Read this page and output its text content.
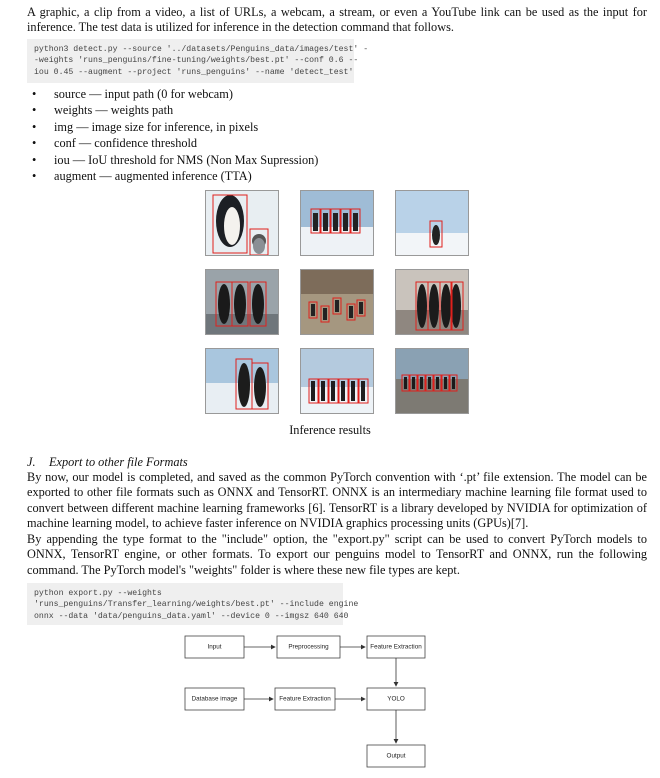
A graphic, a clip from a video, a list of URLs, a webcam, a stream, or even a YouTube link can be used as the input for inference. The test data is utilized for inference in the detection command that follows.
python3 detect.py --source '../datasets/Penguins_data/images/test' -
-weights 'runs_penguins/fine-tuning/weights/best.pt' --conf 0.6 --
iou 0.45 --augment --project 'runs_penguins' --name 'detect_test'
• source — input path (0 for webcam)
• weights — weights path
• img — image size for inference, in pixels
• conf — confidence threshold
• iou — IoU threshold for NMS (Non Max Supression)
• augment — augmented inference (TTA)
Inference results
J. Export to other file Formats
By now, our model is completed, and saved as the common PyTorch convention with ‘.pt’ file extension. The model can be exported to other file formats such as ONNX and TensorRT. ONNX is an intermediary machine learning file format used to convert between different machine learning frameworks [6]. TensorRT is a library developed by NVIDIA for optimization of machine learning model, to achieve faster inference on NVIDIA graphics processing units (GPUs)[7].
By appending the type format to the "include" option, the "export.py" script can be used to convert PyTorch models to ONNX, TensorRT engine, or other formats. To export our penguins model to TensorRT and ONNX, run the following command. The PyTorch model's "weights" folder is where these new file types are kept.
python export.py --weights
'runs_penguins/Transfer_learning/weights/best.pt' --include engine
onnx --data 'data/penguins_data.yaml' --device 0 --imgsz 640 640
Input	Preprocessing	Feature Extraction
Database image	Feature Extraction	YOLO
Output
